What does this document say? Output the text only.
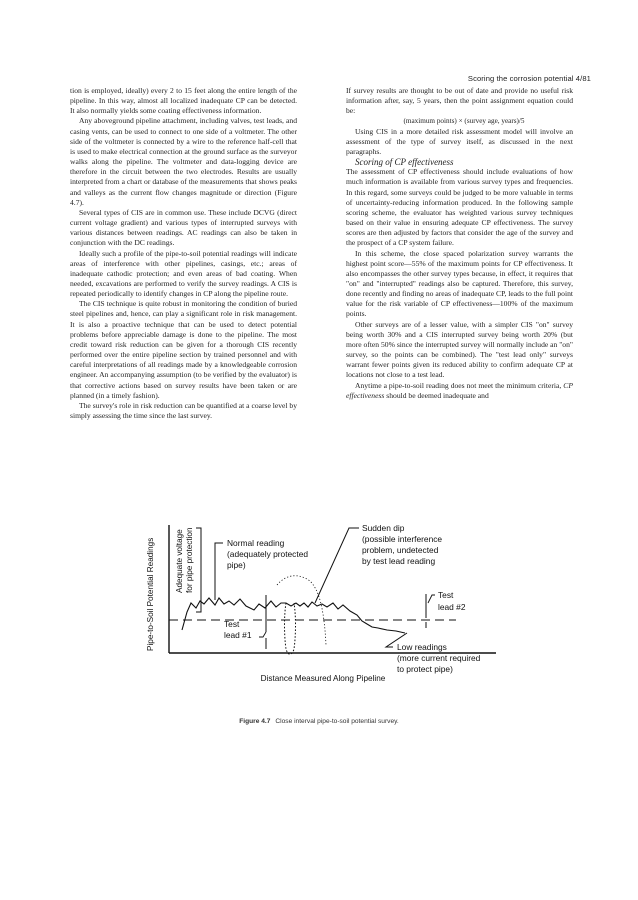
Scoring the corrosion potential 4/81

tion is employed, ideally) every 2 to 15 feet along the entire length of the pipeline. In this way, almost all localized inadequate CP can be detected. It also normally yields some coating effectiveness information.

Any aboveground pipeline attachment, including valves, test leads, and casing vents, can be used to connect to one side of a voltmeter. The other side of the voltmeter is connected by a wire to the reference half-cell that is used to make electrical connection at the ground surface as the surveyor walks along the pipeline. The voltmeter and data-logging device are therefore in the circuit between the two electrodes. Results are usually interpreted from a chart or database of the measurements that shows peaks and valleys as the current flow changes magnitude or direction (Figure 4.7).

Several types of CIS are in common use. These include DCVG (direct current voltage gradient) and various types of interrupted surveys with various distances between readings. AC readings can also be taken in conjunction with the DC readings.

Ideally such a profile of the pipe-to-soil potential readings will indicate areas of interference with other pipelines, casings, etc.; areas of inadequate cathodic protection; and even areas of bad coating. When needed, excavations are performed to verify the survey readings. A CIS is repeated periodically to identify changes in CP along the pipeline route.

The CIS technique is quite robust in monitoring the condition of buried steel pipelines and, hence, can play a significant role in risk management. It is also a proactive technique that can be used to detect potential problems before appreciable damage is done to the pipeline. The most credit toward risk reduction can be given for a thorough CIS recently performed over the entire pipeline section by trained personnel and with careful interpretations of all readings made by a knowledgeable corrosion engineer. An accompanying assumption (to be verified by the evaluator) is that corrective actions based on survey results have been taken or are planned (in a timely fashion).

The survey's role in risk reduction can be quantified at a coarse level by simply assessing the time since the last survey.

If survey results are thought to be out of date and provide no useful risk information after, say, 5 years, then the point assignment equation could be:

(maximum points) × (survey age, years)/5

Using CIS in a more detailed risk assessment model will involve an assessment of the type of survey itself, as discussed in the next paragraphs.

Scoring of CP effectiveness

The assessment of CP effectiveness should include evaluations of how much information is available from various survey types and frequencies. In this regard, some surveys could be judged to be more valuable in terms of uncertainty-reducing information produced. In the following sample scoring scheme, the evaluator has weighted various survey techniques based on their value in ensuring adequate CP effectiveness. The survey scores are then adjusted by factors that consider the age of the survey and the prospect of a CP system failure.

In this scheme, the close spaced polarization survey warrants the highest point score—55% of the maximum points for CP effectiveness. It also encompasses the other survey types because, in effect, it requires that "on" and "interrupted" readings also be captured. Therefore, this survey, done recently and finding no areas of inadequate CP, leads to the full point value for the risk variable of CP effectiveness—100% of the maximum points.

Other surveys are of a lesser value, with a simpler CIS "on" survey being worth 30% and a CIS interrupted survey being worth 20% (but more often 50% since the interrupted survey will normally include an "on" survey, so the points can be combined). The "test lead only" surveys warrant fewer points given its reduced ability to confirm adequate CP at locations not close to a test lead.

Anytime a pipe-to-soil reading does not meet the minimum criteria, CP effectiveness should be deemed inadequate and

Pipe-to-Soil Potential Readings Adequate voltage for pipe protection	Normal reading
(adequately protected
pipe)
Sudden dip
(possible interference
problem, undetected
by test lead reading
Test
lead #1
Test
lead #2
Low readings
(more current required
to protect pipe)
Distance Measured Along Pipeline
Figure 4.7 Close interval pipe-to-soil potential survey.
